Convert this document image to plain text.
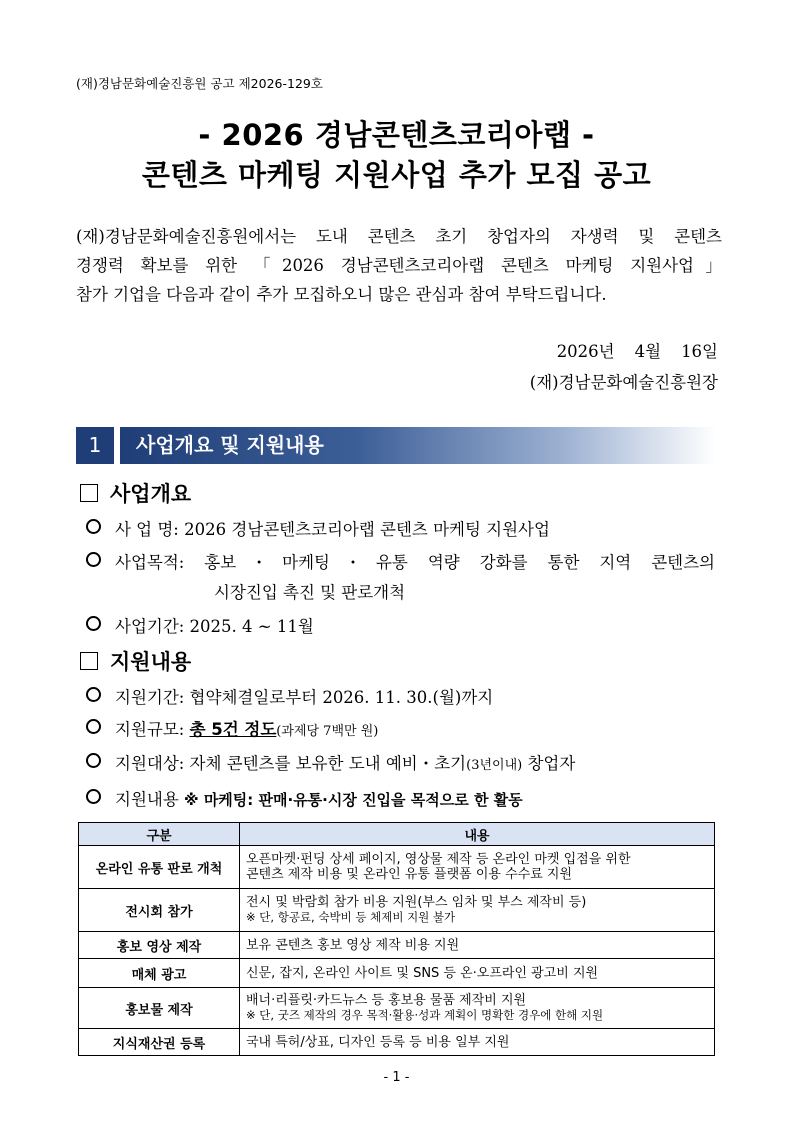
(재)경남문화예술진흥원 공고 제2026-129호
- 2026 경남콘텐츠코리아랩 -
콘텐츠 마케팅 지원사업 추가 모집 공고
(재)경남문화예술진흥원에서는 도내 콘텐츠 초기 창업자의 자생력 및 콘텐츠
경쟁력 확보를 위한 「2026 경남콘텐츠코리아랩 콘텐츠 마케팅 지원사업」
참가 기업을 다음과 같이 추가 모집하오니 많은 관심과 참여 부탁드립니다.
2026년 4월 16일
(재)경남문화예술진흥원장
1	사업개요 및 지원내용
사업개요
사 업 명: 2026 경남콘텐츠코리아랩 콘텐츠 마케팅 지원사업
사업목적: 홍보・마케팅・유통 역량 강화를 통한 지역 콘텐츠의
시장진입 촉진 및 판로개척
사업기간: 2025. 4 ~ 11월
지원내용
지원기간: 협약체결일로부터 2026. 11. 30.(월)까지
지원규모: 총 5건 정도(과제당 7백만 원)
지원대상: 자체 콘텐츠를 보유한 도내 예비・초기(3년이내) 창업자
지원내용 ※ 마케팅: 판매·유통·시장 진입을 목적으로 한 활동
구분	내용
온라인 유통 판로 개척	오픈마켓·펀딩 상세 페이지, 영상물 제작 등 온라인 마켓 입점을 위한
콘텐츠 제작 비용 및 온라인 유통 플랫폼 이용 수수료 지원

전시회 참가	전시 및 박람회 참가 비용 지원(부스 임차 및 부스 제작비 등)
※ 단, 항공료, 숙박비 등 체제비 지원 불가

홍보 영상 제작	보유 콘텐츠 홍보 영상 제작 비용 지원
매체 광고	신문, 잡지, 온라인 사이트 및 SNS 등 온·오프라인 광고비 지원
홍보물 제작	배너·리플릿·카드뉴스 등 홍보용 물품 제작비 지원
※ 단, 굿즈 제작의 경우 목적·활용·성과 계획이 명확한 경우에 한해 지원

지식재산권 등록	국내 특허/상표, 디자인 등록 등 비용 일부 지원
- 1 -
